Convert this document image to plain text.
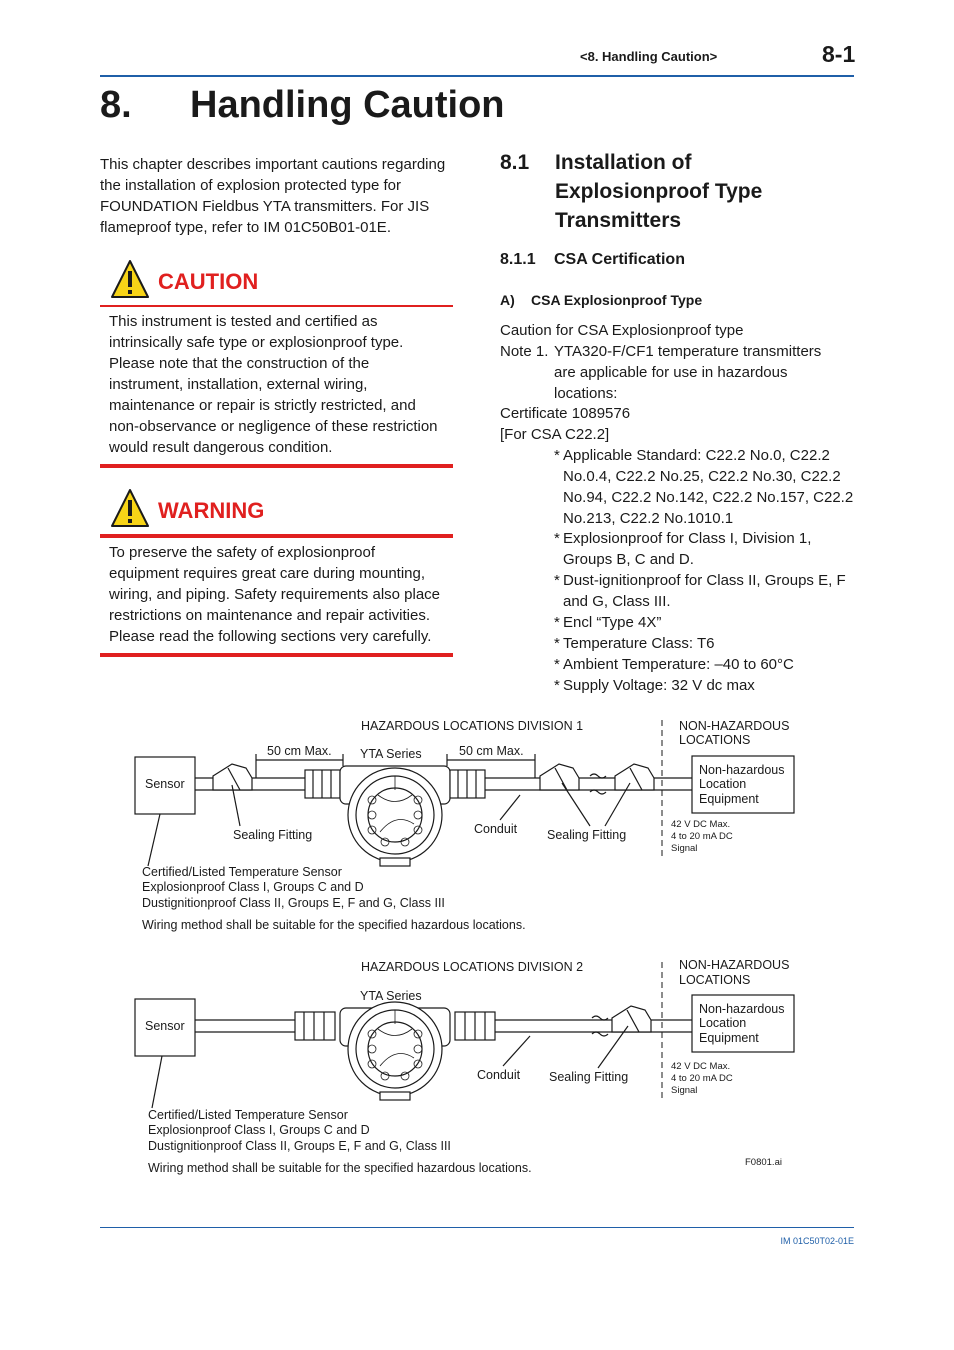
<8. Handling Caution>	8-1
8. Handling Caution
This chapter describes important cautions regarding the installation of explosion protected type for FOUNDATION Fieldbus YTA transmitters. For JIS flameproof type, refer to IM 01C50B01-01E.
CAUTION
This instrument is tested and certified as intrinsically safe type or explosionproof type. Please note that the construction of the instrument, installation, external wiring, maintenance or repair is strictly restricted, and non-observance or negligence of these restriction would result dangerous condition.
WARNING
To preserve the safety of explosionproof equipment requires great care during mounting, wiring, and piping. Safety requirements also place restrictions on maintenance and repair activities. Please read the following sections very carefully.
8.1 Installation of Explosionproof Type Transmitters
8.1.1 CSA Certification
A) CSA Explosionproof Type
Caution for CSA Explosionproof type
Note 1. YTA320-F/CF1 temperature transmitters
are applicable for use in hazardous
locations:
Certificate 1089576
[For CSA C22.2]
* Applicable Standard: C22.2 No.0, C22.2 No.0.4, C22.2 No.25, C22.2 No.30, C22.2 No.94, C22.2 No.142, C22.2 No.157, C22.2 No.213, C22.2 No.1010.1
* Explosionproof for Class I, Division 1, Groups B, C and D.
* Dust-ignitionproof for Class II, Groups E, F and G, Class III.
* Encl “Type 4X”
* Temperature Class: T6
* Ambient Temperature: –40 to 60°C
* Supply Voltage: 32 V dc max
HAZARDOUS LOCATIONS DIVISION 1	NON-HAZARDOUS
LOCATIONS
50 cm Max. YTA Series	50 cm Max.
Sensor
Non-hazardous
Location
Equipment
Sealing Fitting	Conduit Sealing Fitting
42 V DC Max.
4 to 20 mA DC
Signal
Certified/Listed Temperature Sensor
Explosionproof Class I, Groups C and D
Dustignitionproof Class II, Groups E, F and G, Class III
Wiring method shall be suitable for the specified hazardous locations.
HAZARDOUS LOCATIONS DIVISION 2	NON-HAZARDOUS
LOCATIONS
YTA Series
Sensor
Non-hazardous
Location
Equipment
Conduit Sealing Fitting
42 V DC Max.
4 to 20 mA DC
Signal
Certified/Listed Temperature Sensor
Explosionproof Class I, Groups C and D
Dustignitionproof Class II, Groups E, F and G, Class III
Wiring method shall be suitable for the specified hazardous locations.	F0801.ai
IM 01C50T02-01E
